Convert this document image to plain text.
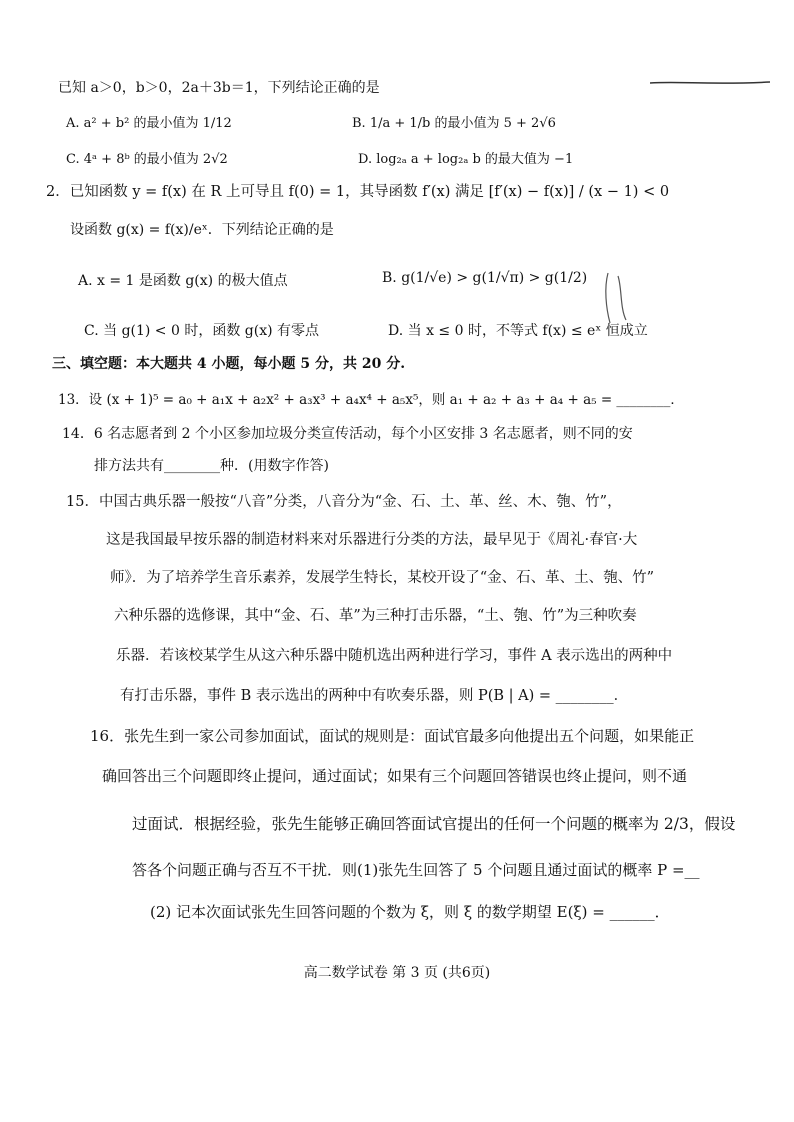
已知 a＞0，b＞0，2a＋3b＝1，下列结论正确的是
A. a² + b² 的最小值为 1/12	B. 1/a + 1/b 的最小值为 5 + 2√6
C. 4ᵃ + 8ᵇ 的最小值为 2√2	D. log₂ₐ a + log₂ₐ b 的最大值为 −1
2．已知函数 y = f(x) 在 R 上可导且 f(0) = 1，其导函数 f′(x) 满足 [f′(x) − f(x)] / (x − 1) < 0
设函数 g(x) = f(x)/eˣ．下列结论正确的是
A. x = 1 是函数 g(x) 的极大值点	B. g(1/√e) > g(1/√π) > g(1/2)
C. 当 g(1) < 0 时，函数 g(x) 有零点	D. 当 x ≤ 0 时，不等式 f(x) ≤ eˣ 恒成立
三、填空题：本大题共 4 小题，每小题 5 分，共 20 分.
13．设 (x + 1)⁵ = a₀ + a₁x + a₂x² + a₃x³ + a₄x⁴ + a₅x⁵，则 a₁ + a₂ + a₃ + a₄ + a₅ = ________．
14．6 名志愿者到 2 个小区参加垃圾分类宣传活动，每个小区安排 3 名志愿者，则不同的安
排方法共有________种．(用数字作答)
15．中国古典乐器一般按“八音”分类，八音分为“金、石、土、革、丝、木、匏、竹”，
这是我国最早按乐器的制造材料来对乐器进行分类的方法，最早见于《周礼·春官·大
师》．为了培养学生音乐素养，发展学生特长，某校开设了“金、石、革、土、匏、竹”
六种乐器的选修课，其中“金、石、革”为三种打击乐器，“土、匏、竹”为三种吹奏
乐器．若该校某学生从这六种乐器中随机选出两种进行学习，事件 A 表示选出的两种中
有打击乐器，事件 B 表示选出的两种中有吹奏乐器，则 P(B | A) = ________．
16．张先生到一家公司参加面试，面试的规则是：面试官最多向他提出五个问题，如果能正
确回答出三个问题即终止提问，通过面试；如果有三个问题回答错误也终止提问，则不通
过面试．根据经验，张先生能够正确回答面试官提出的任何一个问题的概率为 2/3，假设
答各个问题正确与否互不干扰．则(1)张先生回答了 5 个问题且通过面试的概率 P =__
(2) 记本次面试张先生回答问题的个数为 ξ，则 ξ 的数学期望 E(ξ) = ______．
高二数学试卷 第 3 页 (共6页)
